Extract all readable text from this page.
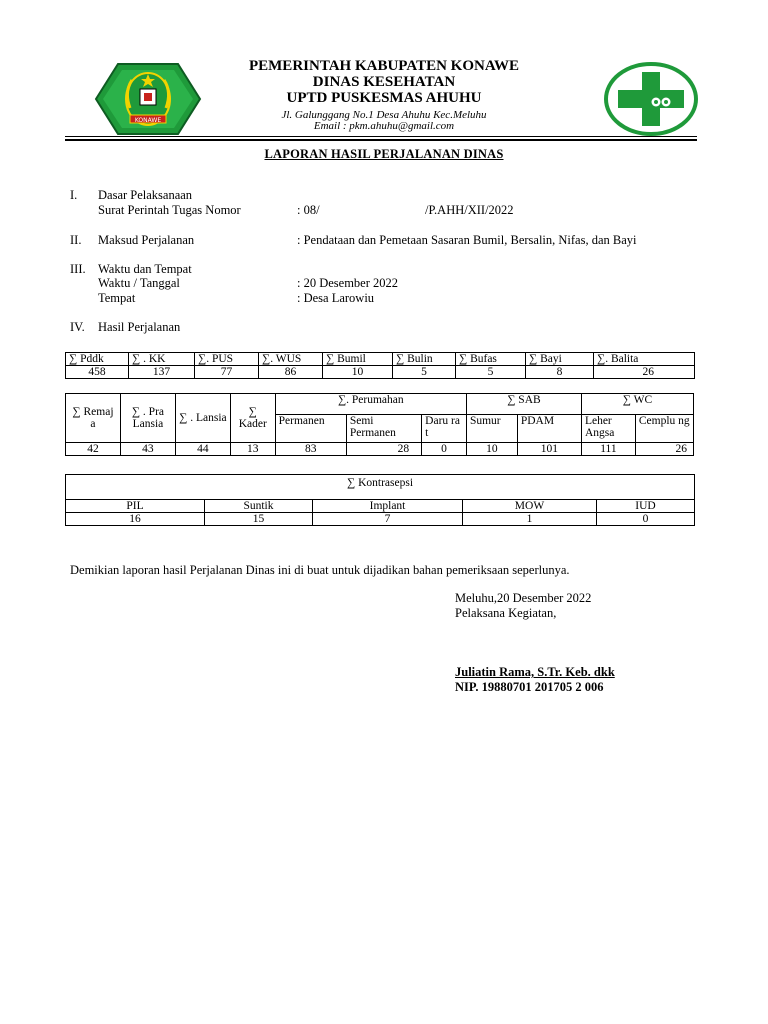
KONAWE
PEMERINTAH KABUPATEN KONAWE
DINAS KESEHATAN
UPTD PUSKESMAS AHUHU
Jl. Galunggang No.1 Desa Ahuhu Kec.Meluhu
Email : pkm.ahuhu@gmail.com
LAPORAN HASIL PERJALANAN DINAS
I. Dasar Pelaksanaan
Surat Perintah Tugas Nomor	: 08/	/P.AHH/XII/2022
II. Maksud Perjalanan	: Pendataan dan Pemetaan Sasaran Bumil, Bersalin, Nifas, dan Bayi
III. Waktu dan Tempat
Waktu / Tanggal	: 20 Desember 2022
Tempat	: Desa Larowiu
IV. Hasil Perjalanan
∑ Pddk	∑ . KK	∑. PUS	∑. WUS	∑ Bumil	∑ Bulin	∑ Bufas	∑ Bayi	∑. Balita
458	137	77	86	10	5	5	8	26
∑ Remaj a	∑ . Pra Lansia	∑ . Lansia	∑ Kader	∑. Perumahan			∑ SAB		∑ WC	
				Permanen	Semi Permanen	Daru rat	Sumur	PDAM	Leher Angsa	Cemplu ng
42	43	44	13	83	28	0	10	101	111	26
∑ Kontrasepsi				
PIL	Suntik	Implant	MOW	IUD
16	15	7	1	0
Demikian laporan hasil Perjalanan Dinas ini di buat untuk dijadikan bahan pemeriksaan seperlunya.
Meluhu,20 Desember 2022
Pelaksana Kegiatan,
Juliatin Rama, S.Tr. Keb. dkk
NIP. 19880701 201705 2 006
